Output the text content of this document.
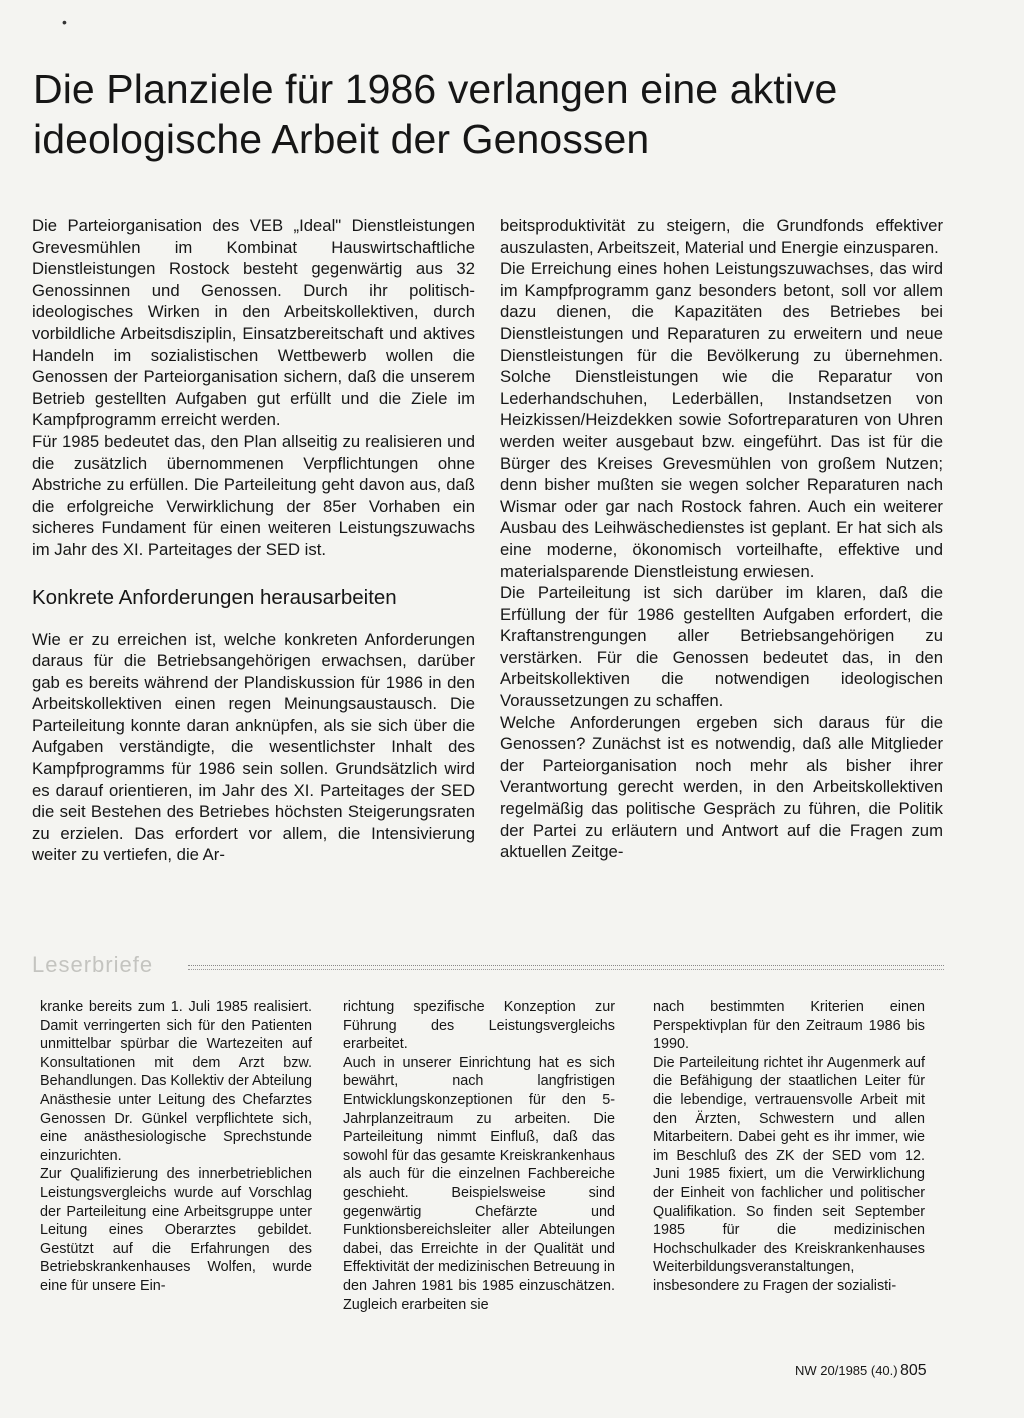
•
Die Planziele für 1986 verlangen eine aktive ideologische Arbeit der Genossen

Die Parteiorganisation des VEB „Ideal" Dienstleistungen Grevesmühlen im Kombinat Hauswirtschaftliche Dienstleistungen Rostock besteht gegenwärtig aus 32 Genossinnen und Genossen. Durch ihr politisch-ideologisches Wirken in den Arbeitskollektiven, durch vorbildliche Arbeitsdisziplin, Einsatzbereitschaft und aktives Handeln im sozialistischen Wettbewerb wollen die Genossen der Parteiorganisation sichern, daß die unserem Betrieb gestellten Aufgaben gut erfüllt und die Ziele im Kampfprogramm erreicht werden.

Für 1985 bedeutet das, den Plan allseitig zu realisieren und die zusätzlich übernommenen Verpflichtungen ohne Abstriche zu erfüllen. Die Parteileitung geht davon aus, daß die erfolgreiche Verwirklichung der 85er Vorhaben ein sicheres Fundament für einen weiteren Leistungszuwachs im Jahr des XI. Parteitages der SED ist.

Konkrete Anforderungen herausarbeiten

Wie er zu erreichen ist, welche konkreten Anforderungen daraus für die Betriebsangehörigen erwachsen, darüber gab es bereits während der Plandiskussion für 1986 in den Arbeitskollektiven einen regen Meinungsaustausch. Die Parteileitung konnte daran anknüpfen, als sie sich über die Aufgaben verständigte, die wesentlichster Inhalt des Kampfprogramms für 1986 sein sollen. Grundsätzlich wird es darauf orientieren, im Jahr des XI. Parteitages der SED die seit Bestehen des Betriebes höchsten Steigerungsraten zu erzielen. Das erfordert vor allem, die Intensivierung weiter zu vertiefen, die Ar-

beitsproduktivität zu steigern, die Grundfonds effektiver auszulasten, Arbeitszeit, Material und Energie einzusparen.

Die Erreichung eines hohen Leistungszuwachses, das wird im Kampfprogramm ganz besonders betont, soll vor allem dazu dienen, die Kapazitäten des Betriebes bei Dienstleistungen und Reparaturen zu erweitern und neue Dienstleistungen für die Bevölkerung zu übernehmen. Solche Dienstleistungen wie die Reparatur von Lederhandschuhen, Lederbällen, Instandsetzen von Heizkissen/Heizdekken sowie Sofortreparaturen von Uhren werden weiter ausgebaut bzw. eingeführt. Das ist für die Bürger des Kreises Grevesmühlen von großem Nutzen; denn bisher mußten sie wegen solcher Reparaturen nach Wismar oder gar nach Rostock fahren. Auch ein weiterer Ausbau des Leihwäschedienstes ist geplant. Er hat sich als eine moderne, ökonomisch vorteilhafte, effektive und materialsparende Dienstleistung erwiesen.

Die Parteileitung ist sich darüber im klaren, daß die Erfüllung der für 1986 gestellten Aufgaben erfordert, die Kraftanstrengungen aller Betriebsangehörigen zu verstärken. Für die Genossen bedeutet das, in den Arbeitskollektiven die notwendigen ideologischen Voraussetzungen zu schaffen.

Welche Anforderungen ergeben sich daraus für die Genossen? Zunächst ist es notwendig, daß alle Mitglieder der Parteiorganisation noch mehr als bisher ihrer Verantwortung gerecht werden, in den Arbeitskollektiven regelmäßig das politische Gespräch zu führen, die Politik der Partei zu erläutern und Antwort auf die Fragen zum aktuellen Zeitge-

Leserbriefe

kranke bereits zum 1. Juli 1985 realisiert. Damit verringerten sich für den Patienten unmittelbar spürbar die Wartezeiten auf Konsultationen mit dem Arzt bzw. Behandlungen. Das Kollektiv der Abteilung Anästhesie unter Leitung des Chefarztes Genossen Dr. Günkel verpflichtete sich, eine anästhesiologische Sprechstunde einzurichten.

Zur Qualifizierung des innerbetrieblichen Leistungsvergleichs wurde auf Vorschlag der Parteileitung eine Arbeitsgruppe unter Leitung eines Oberarztes gebildet. Gestützt auf die Erfahrungen des Betriebskrankenhauses Wolfen, wurde eine für unsere Ein-

richtung spezifische Konzeption zur Führung des Leistungsvergleichs erarbeitet.

Auch in unserer Einrichtung hat es sich bewährt, nach langfristigen Entwicklungskonzeptionen für den 5-Jahrplanzeitraum zu arbeiten. Die Parteileitung nimmt Einfluß, daß das sowohl für das gesamte Kreiskrankenhaus als auch für die einzelnen Fachbereiche geschieht. Beispielsweise sind gegenwärtig Chefärzte und Funktionsbereichsleiter aller Abteilungen dabei, das Erreichte in der Qualität und Effektivität der medizinischen Betreuung in den Jahren 1981 bis 1985 einzuschätzen. Zugleich erarbeiten sie

nach bestimmten Kriterien einen Perspektivplan für den Zeitraum 1986 bis 1990.

Die Parteileitung richtet ihr Augenmerk auf die Befähigung der staatlichen Leiter für die lebendige, vertrauensvolle Arbeit mit den Ärzten, Schwestern und allen Mitarbeitern. Dabei geht es ihr immer, wie im Beschluß des ZK der SED vom 12. Juni 1985 fixiert, um die Verwirklichung der Einheit von fachlicher und politischer Qualifikation. So finden seit September 1985 für die medizinischen Hochschulkader des Kreiskrankenhauses Weiterbildungsveranstaltungen, insbesondere zu Fragen der sozialisti-

NW 20/1985 (40.) 805
